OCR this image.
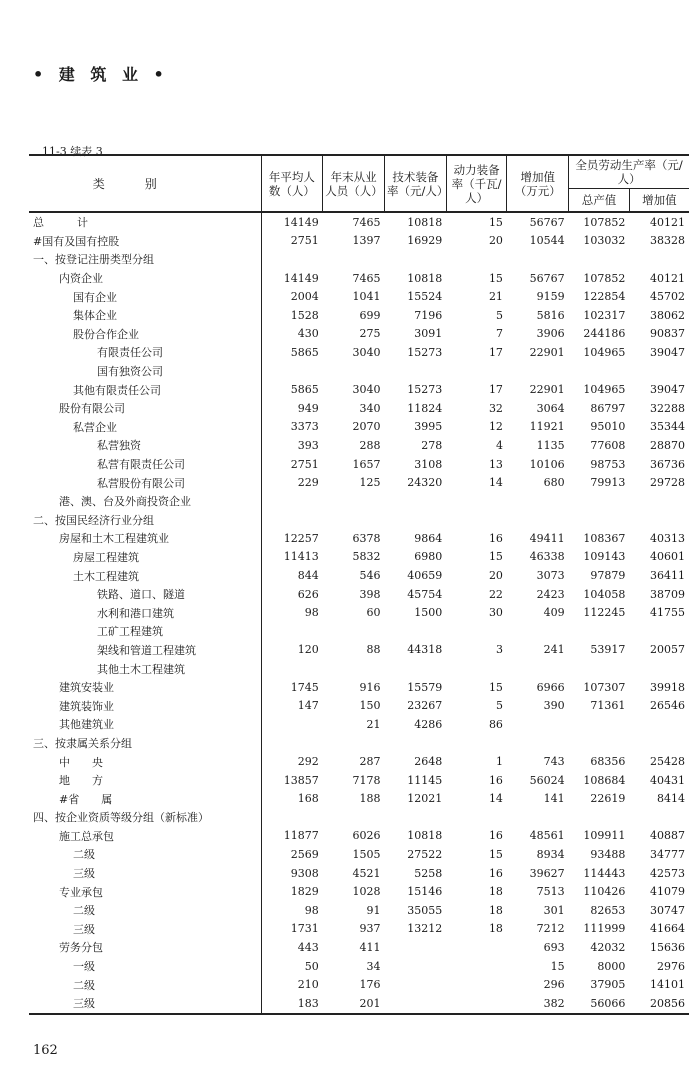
• 建 筑 业 •
11-3 续表 3
类别	年平均人数（人）	年末从业人员（人）	技术装备率（元/人）	动力装备率（千瓦/人）	增加值（万元）	全员劳动生产率（元/人）	
						总产值	增加值
总　　　计	14149	7465	10818	15	56767	107852	40121
#国有及国有控股	2751	1397	16929	20	10544	103032	38328
一、按登记注册类型分组							
内资企业	14149	7465	10818	15	56767	107852	40121
国有企业	2004	1041	15524	21	9159	122854	45702
集体企业	1528	699	7196	5	5816	102317	38062
股份合作企业	430	275	3091	7	3906	244186	90837
有限责任公司	5865	3040	15273	17	22901	104965	39047
国有独资公司							
其他有限责任公司	5865	3040	15273	17	22901	104965	39047
股份有限公司	949	340	11824	32	3064	86797	32288
私营企业	3373	2070	3995	12	11921	95010	35344
私营独资	393	288	278	4	1135	77608	28870
私营有限责任公司	2751	1657	3108	13	10106	98753	36736
私营股份有限公司	229	125	24320	14	680	79913	29728
港、澳、台及外商投资企业							
二、按国民经济行业分组							
房屋和土木工程建筑业	12257	6378	9864	16	49411	108367	40313
房屋工程建筑	11413	5832	6980	15	46338	109143	40601
土木工程建筑	844	546	40659	20	3073	97879	36411
铁路、道口、隧道	626	398	45754	22	2423	104058	38709
水利和港口建筑	98	60	1500	30	409	112245	41755
工矿工程建筑							
架线和管道工程建筑	120	88	44318	3	241	53917	20057
其他土木工程建筑							
建筑安装业	1745	916	15579	15	6966	107307	39918
建筑装饰业	147	150	23267	5	390	71361	26546
其他建筑业		21	4286	86			
三、按隶属关系分组							
中　　央	292	287	2648	1	743	68356	25428
地　　方	13857	7178	11145	16	56024	108684	40431
#省　　属	168	188	12021	14	141	22619	8414
四、按企业资质等级分组（新标准）							
施工总承包	11877	6026	10818	16	48561	109911	40887
二级	2569	1505	27522	15	8934	93488	34777
三级	9308	4521	5258	16	39627	114443	42573
专业承包	1829	1028	15146	18	7513	110426	41079
二级	98	91	35055	18	301	82653	30747
三级	1731	937	13212	18	7212	111999	41664
劳务分包	443	411			693	42032	15636
一级	50	34			15	8000	2976
二级	210	176			296	37905	14101
三级	183	201			382	56066	20856
162
